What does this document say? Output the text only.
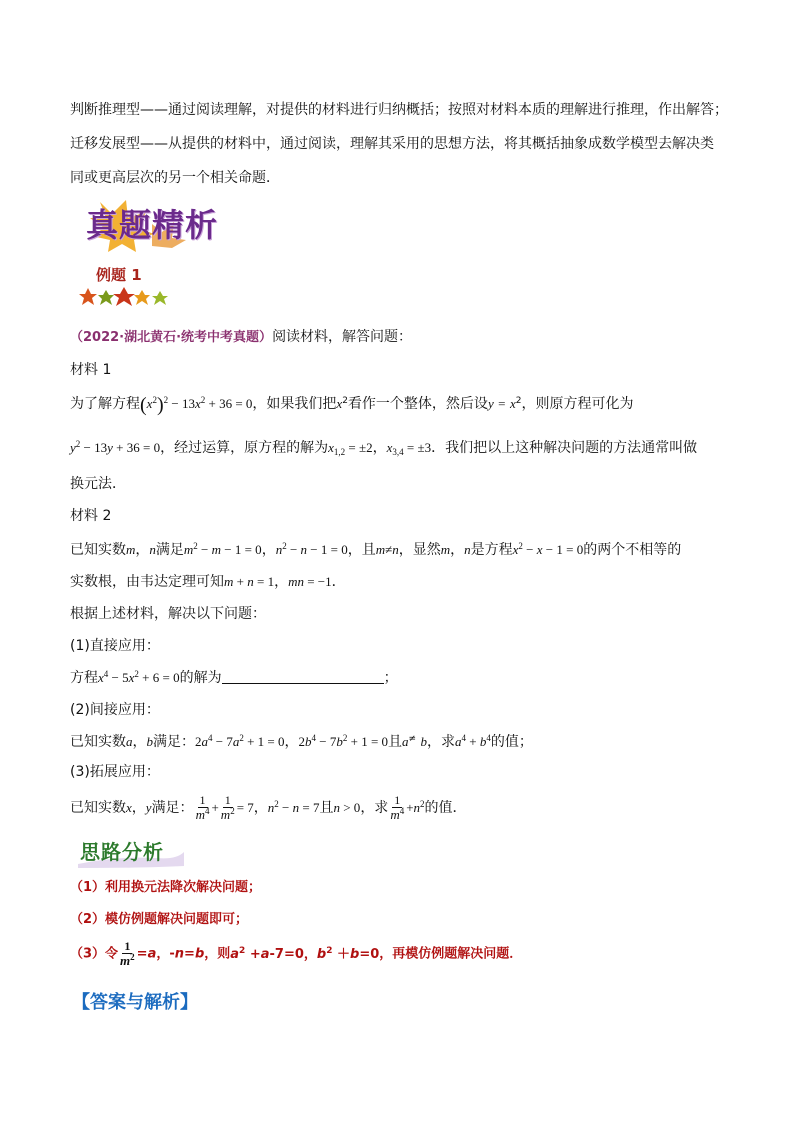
判断推理型——通过阅读理解，对提供的材料进行归纳概括；按照对材料本质的理解进行推理，作出解答；
迁移发展型——从提供的材料中，通过阅读，理解其采用的思想方法，将其概括抽象成数学模型去解决类
同或更高层次的另一个相关命题．
真题精析
例题 1
（2022·湖北黄石·统考中考真题）阅读材料，解答问题：
材料 1
为了解方程$(x^2)^2 - 13x^2 + 36 = 0$，如果我们把$x^2$看作一个整体，然后设$y = x^2$，则原方程可化为
$y^2 - 13y + 36 = 0$，经过运算，原方程的解为$x_{1,2} = \pm 2$，$x_{3,4} = \pm 3$．我们把以上这种解决问题的方法通常叫做
换元法．
材料 2
已知实数m，n满足$m^2 - m - 1 = 0$，$n^2 - n - 1 = 0$，且m≠n，显然m，n是方程$x^2 - x - 1 = 0$的两个不相等的
实数根，由韦达定理可知m + n = 1，mn = −1．
根据上述材料，解决以下问题：
(1)直接应用：
方程$x^4 - 5x^2 + 6 = 0$的解为	；
(2)间接应用：
已知实数a，b满足：$2a^4 - 7a^2 + 1 = 0$，$2b^4 - 7b^2 + 1 = 0$且a≠ b，求$a^4 + b^4$的值；
(3)拓展应用：
已知实数x，y满足： $\frac{1}{m^4} + \frac{1}{m^2} = 7$，$n^2 - n = 7$且n > 0，求 $\frac{1}{m^4} +n^2$的值．
思路分析
（1）利用换元法降次解决问题；
（2）模仿例题解决问题即可；
（3）令 $\frac{1}{m^2} =a$，-n=b，则$a^2 +a-7=0$，$b^2 +b=0$，再模仿例题解决问题．
【答案与解析】
